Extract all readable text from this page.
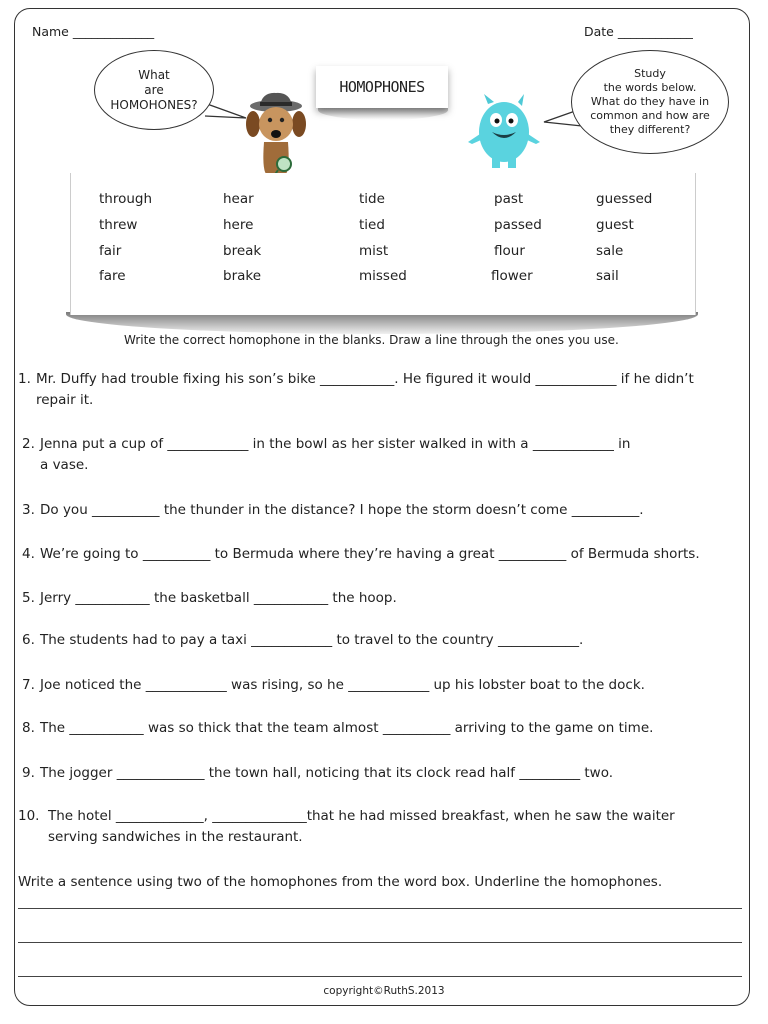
Name _____________	Date ____________
What
are
HOMOHONES?
Study
the words below.
What do they have in
common and how are
they different?
HOMOPHONES
through
threw
fair
fare
hear
here
break
brake
tide
tied
mist
missed
past
passed
flour
flower
guessed
guest
sale
sail
Write the correct homophone in the blanks. Draw a line through the ones you use.
1. Mr. Duffy had trouble fixing his son’s bike ___________. He figured it would ____________ if he didn’t
repair it.
2. Jenna put a cup of ____________ in the bowl as her sister walked in with a ____________ in
a vase.
3. Do you __________ the thunder in the distance? I hope the storm doesn’t come __________.
4. We’re going to __________ to Bermuda where they’re having a great __________ of Bermuda shorts.
5. Jerry ___________ the basketball ___________ the hoop.
6. The students had to pay a taxi ____________ to travel to the country ____________.
7. Joe noticed the ____________ was rising, so he ____________ up his lobster boat to the dock.
8. The ___________ was so thick that the team almost __________ arriving to the game on time.
9. The jogger _____________ the town hall, noticing that its clock read half _________ two.
10. The hotel _____________, ______________that he had missed breakfast, when he saw the waiter
serving sandwiches in the restaurant.
Write a sentence using two of the homophones from the word box. Underline the homophones.
copyright©RuthS.2013
